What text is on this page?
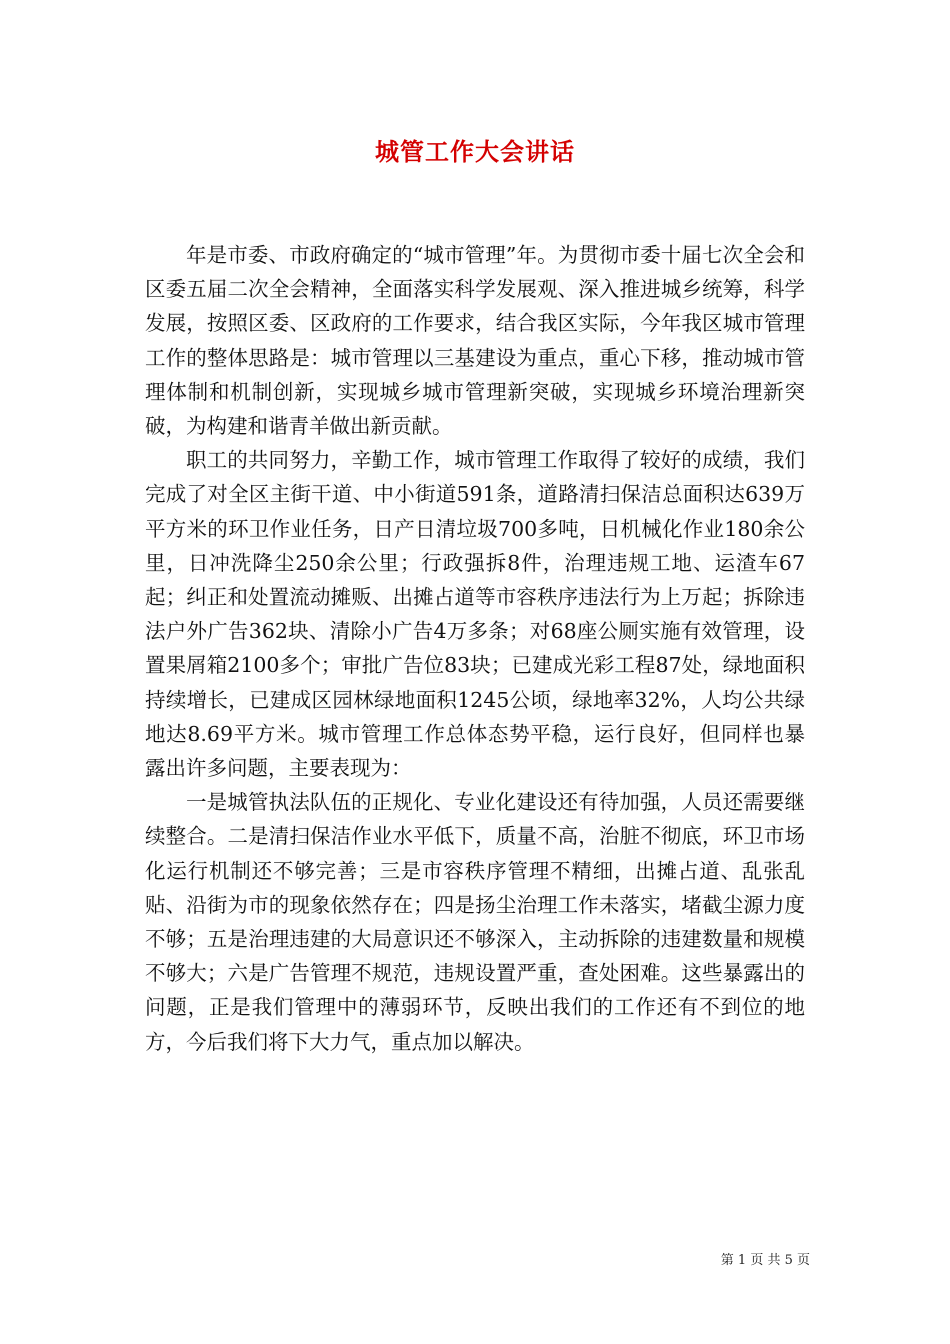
城管工作大会讲话

年是市委、市政府确定的“城市管理”年。为贯彻市委十届七次全会和区委五届二次全会精神，全面落实科学发展观、深入推进城乡统筹，科学发展，按照区委、区政府的工作要求，结合我区实际，今年我区城市管理工作的整体思路是：城市管理以三基建设为重点，重心下移，推动城市管理体制和机制创新，实现城乡城市管理新突破，实现城乡环境治理新突破，为构建和谐青羊做出新贡献。

职工的共同努力，辛勤工作，城市管理工作取得了较好的成绩，我们完成了对全区主街干道、中小街道591条，道路清扫保洁总面积达639万平方米的环卫作业任务，日产日清垃圾700多吨，日机械化作业180余公里，日冲洗降尘250余公里；行政强拆8件，治理违规工地、运渣车67起；纠正和处置流动摊贩、出摊占道等市容秩序违法行为上万起；拆除违法户外广告362块、清除小广告4万多条；对68座公厕实施有效管理，设置果屑箱2100多个；审批广告位83块；已建成光彩工程87处，绿地面积持续增长，已建成区园林绿地面积1245公顷，绿地率32%，人均公共绿地达8.69平方米。城市管理工作总体态势平稳，运行良好，但同样也暴露出许多问题，主要表现为：

一是城管执法队伍的正规化、专业化建设还有待加强，人员还需要继续整合。二是清扫保洁作业水平低下，质量不高，治脏不彻底，环卫市场化运行机制还不够完善；三是市容秩序管理不精细，出摊占道、乱张乱贴、沿街为市的现象依然存在；四是扬尘治理工作未落实，堵截尘源力度不够；五是治理违建的大局意识还不够深入，主动拆除的违建数量和规模不够大；六是广告管理不规范，违规设置严重，查处困难。这些暴露出的问题，正是我们管理中的薄弱环节，反映出我们的工作还有不到位的地方，今后我们将下大力气，重点加以解决。

第 1 页 共 5 页
